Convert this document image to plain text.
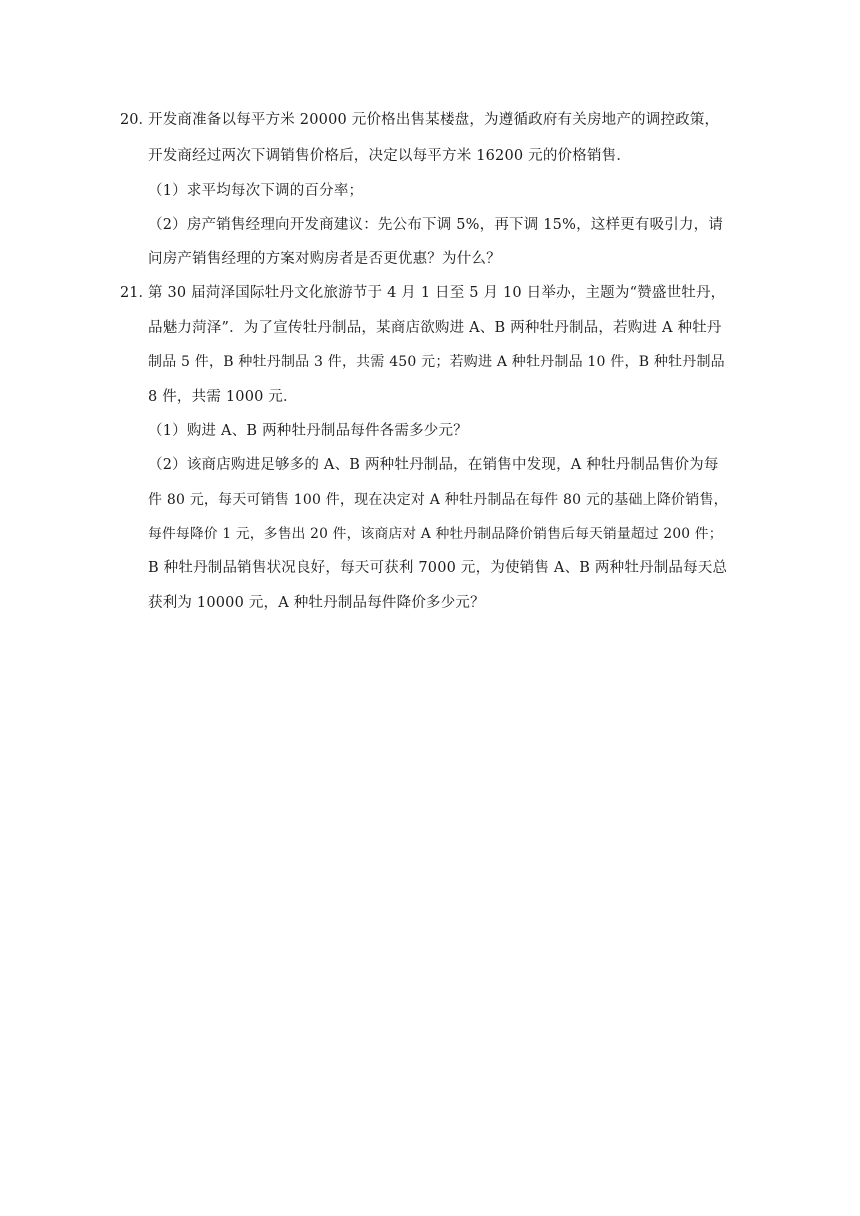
20．
开发商准备以每平方米 20000 元价格出售某楼盘，为遵循政府有关房地产的调控政策，
开发商经过两次下调销售价格后，决定以每平方米 16200 元的价格销售．
（1）求平均每次下调的百分率；
（2）房产销售经理向开发商建议：先公布下调 5%，再下调 15%，这样更有吸引力，请
问房产销售经理的方案对购房者是否更优惠？为什么？
21．
第 30 届菏泽国际牡丹文化旅游节于 4 月 1 日至 5 月 10 日举办，主题为“赞盛世牡丹，
品魅力菏泽”．为了宣传牡丹制品，某商店欲购进 A、B 两种牡丹制品，若购进 A 种牡丹
制品 5 件，B 种牡丹制品 3 件，共需 450 元；若购进 A 种牡丹制品 10 件，B 种牡丹制品
8 件，共需 1000 元．
（1）购进 A、B 两种牡丹制品每件各需多少元？
（2）该商店购进足够多的 A、B 两种牡丹制品，在销售中发现，A 种牡丹制品售价为每
件 80 元，每天可销售 100 件，现在决定对 A 种牡丹制品在每件 80 元的基础上降价销售，
每件每降价 1 元，多售出 20 件，该商店对 A 种牡丹制品降价销售后每天销量超过 200 件；
B 种牡丹制品销售状况良好，每天可获利 7000 元，为使销售 A、B 两种牡丹制品每天总
获利为 10000 元，A 种牡丹制品每件降价多少元？
